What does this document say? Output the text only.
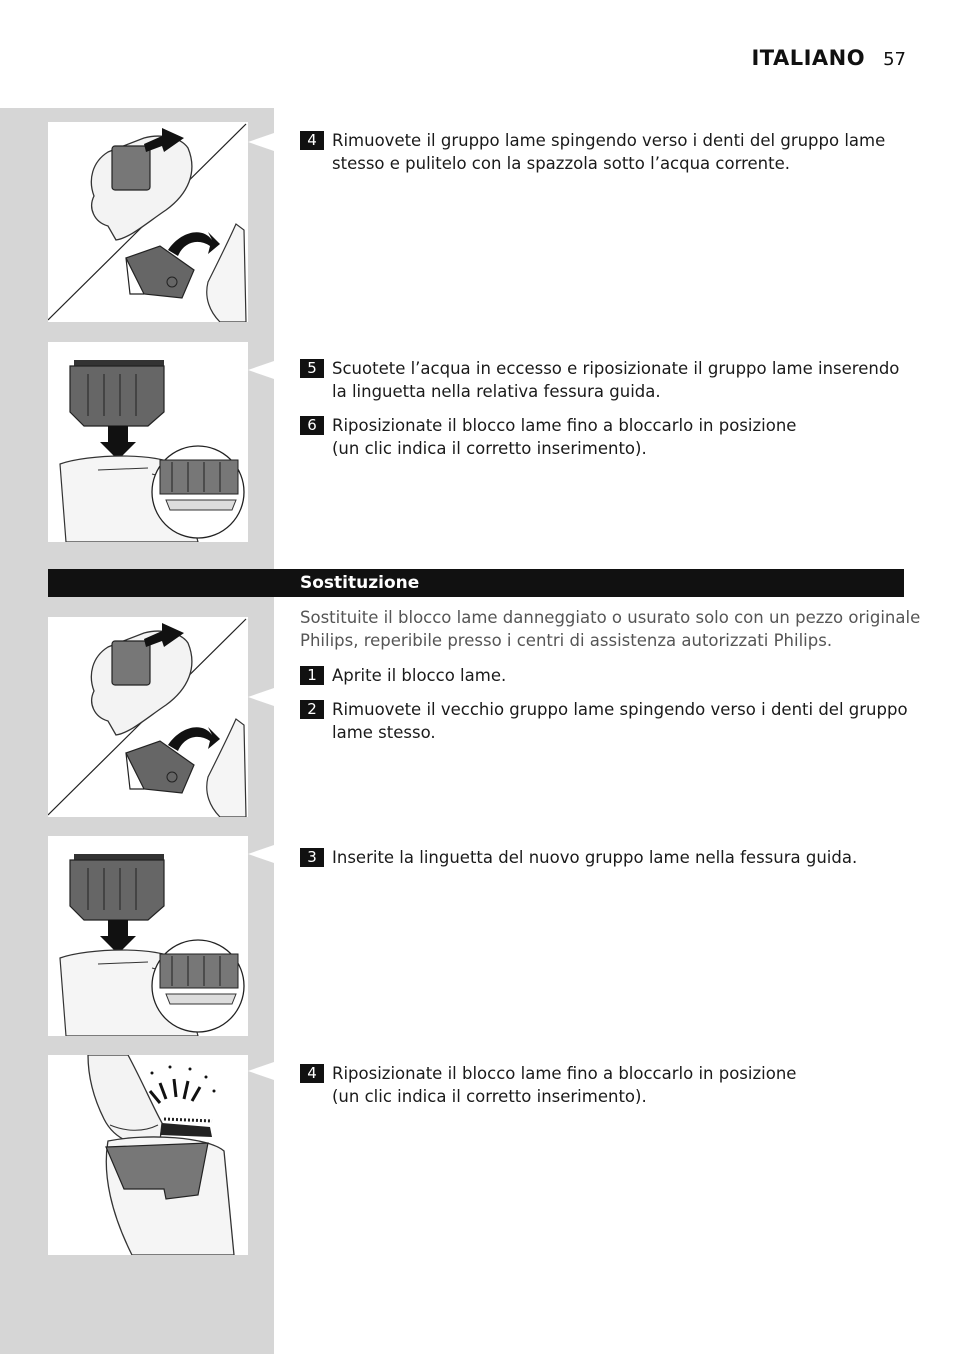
ITALIANO 57
4 Rimuovete il gruppo lame spingendo verso i denti del gruppo lame
stesso e pulitelo con la spazzola sotto l’acqua corrente.
5 Scuotete l’acqua in eccesso e riposizionate il gruppo lame inserendo
la linguetta nella relativa fessura guida.
6 Riposizionate il blocco lame fino a bloccarlo in posizione
(un clic indica il corretto inserimento).
Sostituzione
Sostituite il blocco lame danneggiato o usurato solo con un pezzo originale
Philips, reperibile presso i centri di assistenza autorizzati Philips.
1 Aprite il blocco lame.
2 Rimuovete il vecchio gruppo lame spingendo verso i denti del gruppo
lame stesso.
3 Inserite la linguetta del nuovo gruppo lame nella fessura guida.
4 Riposizionate il blocco lame fino a bloccarlo in posizione
(un clic indica il corretto inserimento).
